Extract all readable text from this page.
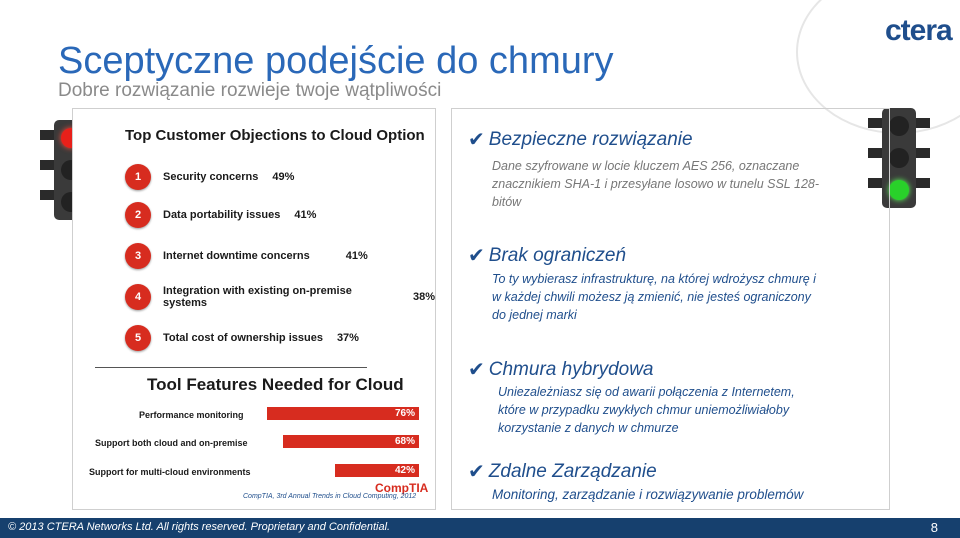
ctera
Sceptyczne podejście do chmury
Dobre rozwiązanie rozwieje twoje wątpliwości
Top Customer Objections to Cloud Option
1	Security concerns 49%
2	Data portability issues 41%
3	Internet downtime concerns	41%
4	Integration with existing on-premise systems	38%
5	Total cost of ownership issues 37%
Tool Features Needed for Cloud
Performance monitoring	76%
Support both cloud and on-premise	68%
Support for multi-cloud environments	42%
CompTIA
CompTIA, 3rd Annual Trends in Cloud Computing, 2012
✔ Bezpieczne rozwiązanie
Dane szyfrowane w locie kluczem AES 256, oznaczane
znacznikiem SHA-1 i przesyłane losowo w tunelu SSL 128-
bitów
✔ Brak ograniczeń
To ty wybierasz infrastrukturę, na której wdrożysz chmurę i
w każdej chwili możesz ją zmienić, nie jesteś ograniczony
do jednej marki
✔ Chmura hybrydowa
Uniezależniasz się od awarii połączenia z Internetem,
które w przypadku zwykłych chmur uniemożliwiałoby
korzystanie z danych w chmurze
✔ Zdalne Zarządzanie
Monitoring, zarządzanie i rozwiązywanie problemów
© 2013 CTERA Networks Ltd. All rights reserved. Proprietary and Confidential.	8
